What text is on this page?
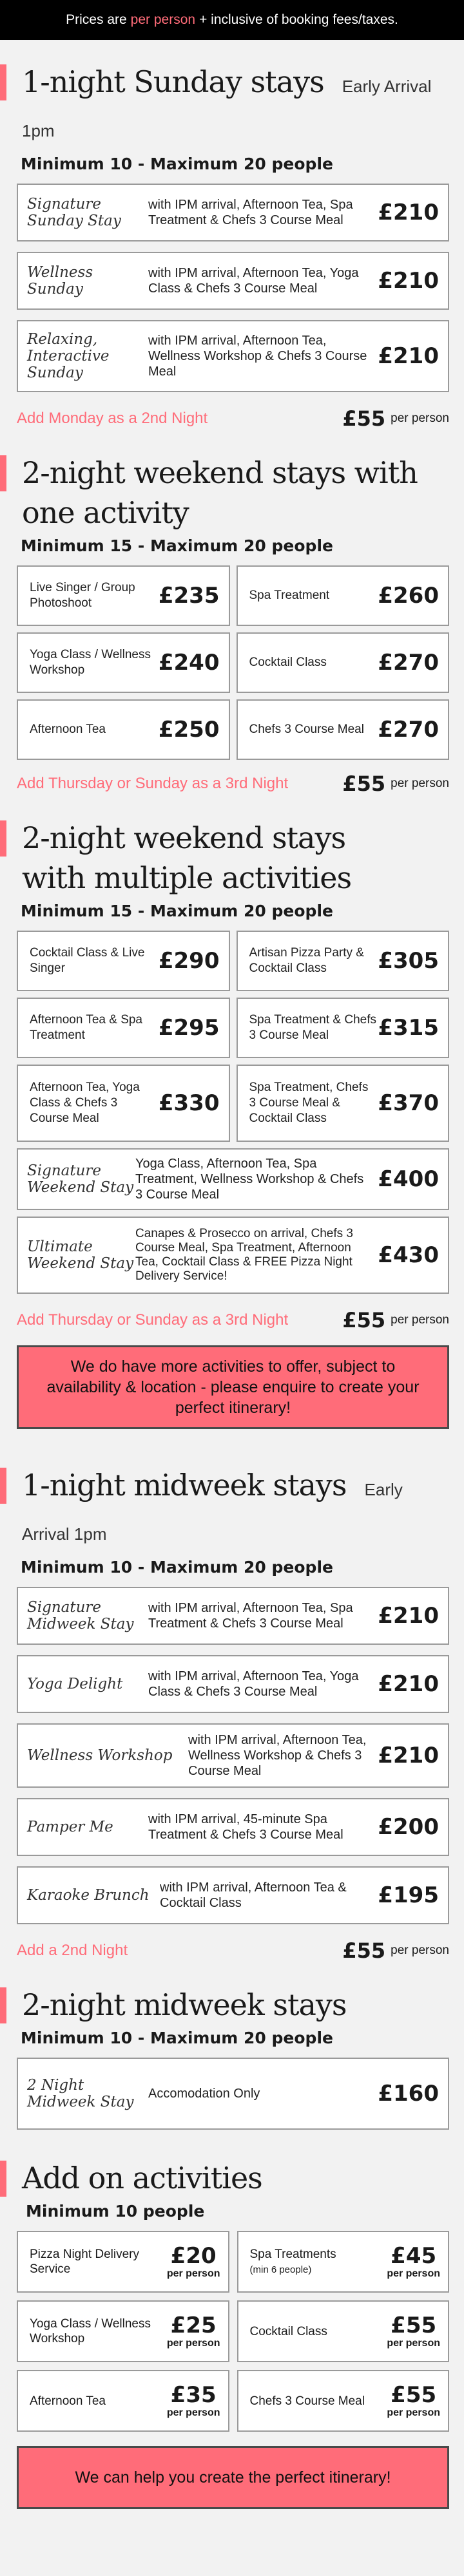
Prices are per person + inclusive of booking fees/taxes.
1-night Sunday stays Early Arrival 1pm
Minimum 10 - Maximum 20 people
Signature Sunday Stay
with IPM arrival, Afternoon Tea, Spa Treatment & Chefs 3 Course Meal	£210
Wellness Sunday
with IPM arrival, Afternoon Tea, Yoga Class & Chefs 3 Course Meal	£210
Relaxing, Interactive Sunday
with IPM arrival, Afternoon Tea, Wellness Workshop & Chefs 3 Course Meal
£210
Add Monday as a 2nd Night	£55 per person
2-night weekend stays with one activity
Minimum 15 - Maximum 20 people
Live Singer / Group Photoshoot	£235 Spa Treatment	£260
Yoga Class / Wellness Workshop	£240 Cocktail Class	£270
Afternoon Tea	£250 Chefs 3 Course Meal £270
Add Thursday or Sunday as a 3rd Night	£55 per person
2-night weekend stays with multiple activities
Minimum 15 - Maximum 20 people
Cocktail Class & Live Singer	£290 Artisan Pizza Party & Cocktail Class	£305
Afternoon Tea & Spa Treatment	£295 Spa Treatment & Chefs 3 Course Meal	£315
Afternoon Tea, Yoga Class & Chefs 3 Course Meal
£330
Spa Treatment, Chefs 3 Course Meal & Cocktail Class
£370
Signature Weekend Stay
Yoga Class, Afternoon Tea, Spa Treatment, Wellness Workshop & Chefs 3 Course Meal
£400
Ultimate Weekend Stay
Canapes & Prosecco on arrival, Chefs 3 Course Meal, Spa Treatment, Afternoon Tea, Cocktail Class & FREE Pizza Night Delivery Service!
£430
Add Thursday or Sunday as a 3rd Night	£55 per person
We do have more activities to offer, subject to availability & location - please enquire to create your perfect itinerary!
1-night midweek stays Early Arrival 1pm
Minimum 10 - Maximum 20 people
Signature Midweek Stay
with IPM arrival, Afternoon Tea, Spa Treatment & Chefs 3 Course Meal	£210
Yoga Delight	with IPM arrival, Afternoon Tea, Yoga Class & Chefs 3 Course Meal	£210
Wellness Workshop
with IPM arrival, Afternoon Tea, Wellness Workshop & Chefs 3 Course Meal
£210
Pamper Me	with IPM arrival, 45-minute Spa Treatment & Chefs 3 Course Meal	£200
Karaoke Brunch with IPM arrival, Afternoon Tea & Cocktail Class	£195
Add a 2nd Night	£55 per person
2-night midweek stays
Minimum 10 - Maximum 20 people
2 Night Midweek Stay	Accomodation Only	£160
Add on activities
Minimum 10 people
Pizza Night Delivery Service
£20
per person
Spa Treatments
(min 6 people)
£45
per person
Yoga Class / Wellness Workshop
£25
per person
Cocktail Class	£55
per person
Afternoon Tea	£35
per person
Chefs 3 Course Meal	£55
per person
We can help you create the perfect itinerary!
